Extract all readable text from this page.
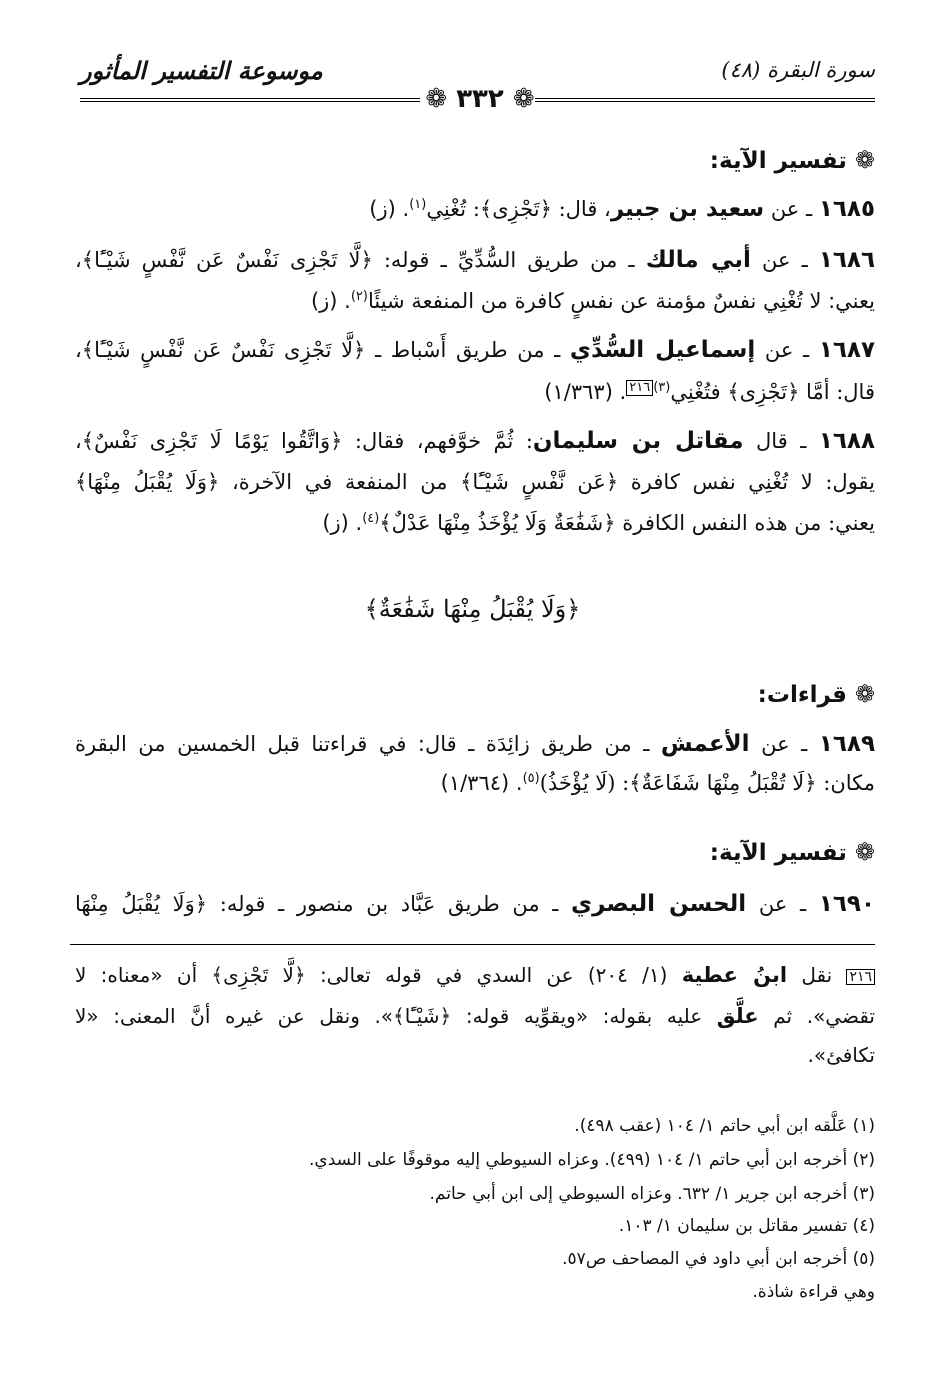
سورة البقرة (٤٨)
موسوعة التفسير المأثور
❁ ٣٣٢ ❁
❁تفسير الآية:
١٦٨٥ ـ عن سعيد بن جبير، قال: ﴿تَجْزِى﴾: تُغْنِي$^{(١)}$. (ز)
١٦٨٦ ـ عن أبي مالك ـ من طريق السُّدِّيِّ ـ قوله: ﴿لَّا تَجْزِى نَفْسٌ عَن نَّفْسٍ شَيْـًٔا﴾،
يعني: لا تُغْنِي نفسٌ مؤمنة عن نفسٍ كافرة من المنفعة شيئًا$^{(٢)}$. (ز)
١٦٨٧ ـ عن إسماعيل السُّدِّي ـ من طريق أَسْباط ـ ﴿لَّا تَجْزِى نَفْسٌ عَن نَّفْسٍ شَيْـًٔا﴾،
قال: أمَّا ﴿تَجْزِى﴾ فتُغْنِي$^{(٣)}$٢١٦. (١/٣٦٣)
١٦٨٨ ـ قال مقاتل بن سليمان: ثُمَّ خوَّفهم، فقال: ﴿وَاتَّقُوا يَوْمًا لَا تَجْزِى نَفْسٌ﴾،
يقول: لا تُغْنِي نفس كافرة ﴿عَن نَّفْسٍ شَيْـًٔا﴾ من المنفعة في الآخرة، ﴿وَلَا يُقْبَلُ مِنْهَا﴾
يعني: من هذه النفس الكافرة ﴿شَفَٰعَةٌ وَلَا يُؤْخَذُ مِنْهَا عَدْلٌ﴾$^{(٤)}$. (ز)
﴿وَلَا يُقْبَلُ مِنْهَا شَفَٰعَةٌ﴾
❁قراءات:
١٦٨٩ ـ عن الأعمش ـ من طريق زائِدَة ـ قال: في قراءتنا قبل الخمسين من البقرة
مكان: ﴿لَا تُقْبَلُ مِنْهَا شَفَاعَةٌ﴾: (لَا يُؤْخَذُ)$^{(٥)}$. (١/٣٦٤)
❁تفسير الآية:
١٦٩٠ ـ عن الحسن البصري ـ من طريق عَبَّاد بن منصور ـ قوله: ﴿وَلَا يُقْبَلُ مِنْهَا
٢١٦ نقل ابنُ عطية (١/ ٢٠٤) عن السدي في قوله تعالى: ﴿لَّا تَجْزِى﴾ أن «معناه: لا
تقضي». ثم علَّق عليه بقوله: «ويقوِّيه قوله: ﴿شَيْـًٔا﴾». ونقل عن غيره أنَّ المعنى: «لا
تكافئ».
(١) عَلَّقه ابن أبي حاتم ١/ ١٠٤ (عقب ٤٩٨).
(٢) أخرجه ابن أبي حاتم ١/ ١٠٤ (٤٩٩). وعزاه السيوطي إليه موقوفًا على السدي.
(٣) أخرجه ابن جرير ١/ ٦٣٢. وعزاه السيوطي إلى ابن أبي حاتم.
(٤) تفسير مقاتل بن سليمان ١/ ١٠٣.
(٥) أخرجه ابن أبي داود في المصاحف ص٥٧.
وهي قراءة شاذة.
